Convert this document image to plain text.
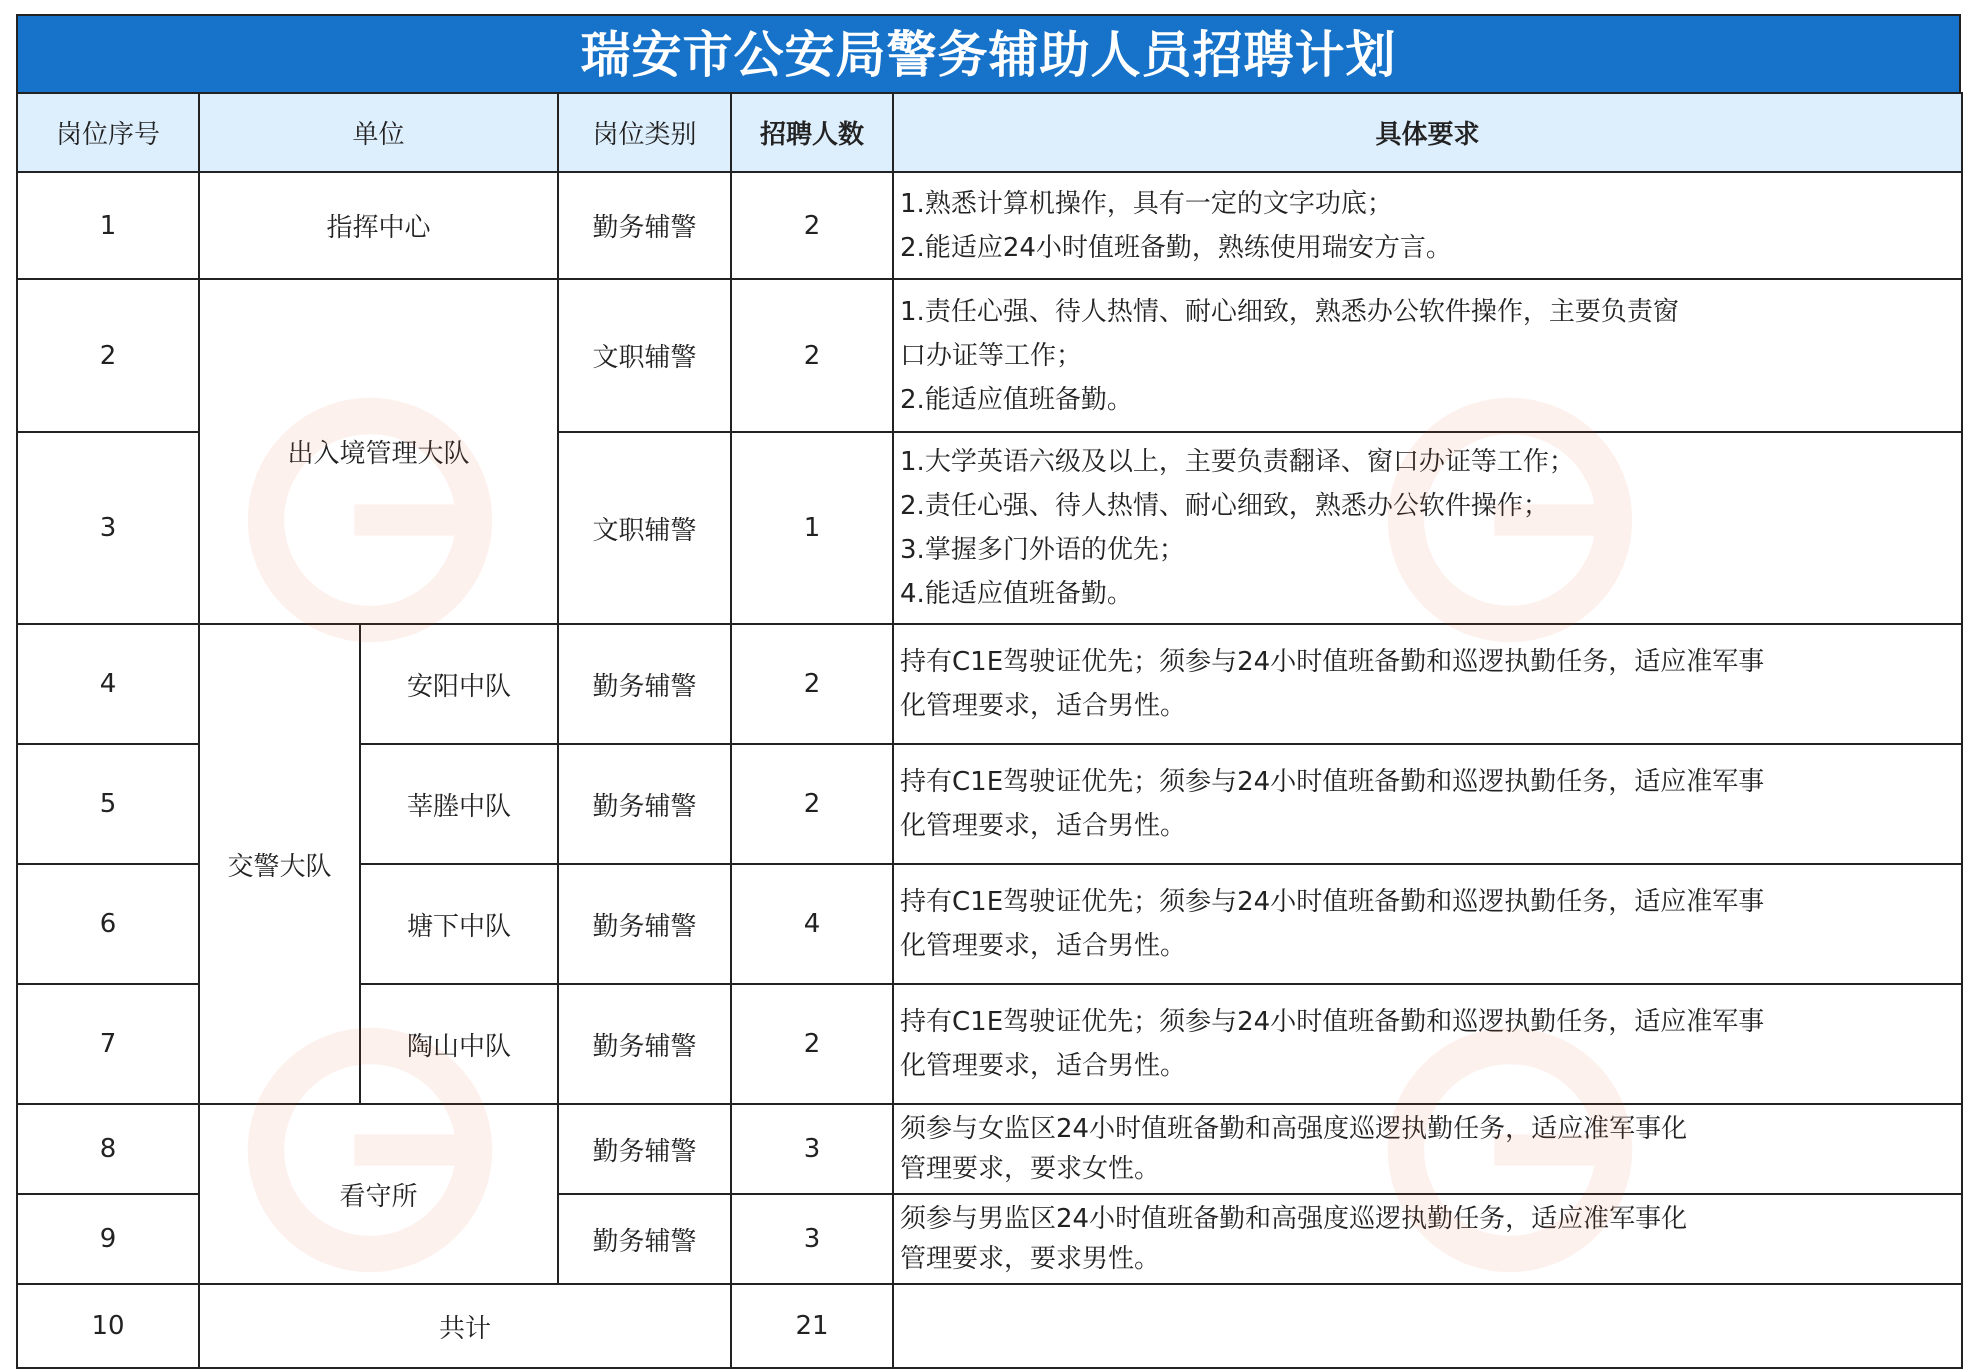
瑞安市公安局警务辅助人员招聘计划
岗位序号	单位		岗位类别	招聘人数	具体要求
1	指挥中心		勤务辅警	2	1.熟悉计算机操作，具有一定的文字功底；
2.能适应24小时值班备勤，熟练使用瑞安方言。

2	出入境管理大队		文职辅警	2	1.责任心强、待人热情、耐心细致，熟悉办公软件操作，主要负责窗
口办证等工作；
2.能适应值班备勤。

3			文职辅警	1	1.大学英语六级及以上，主要负责翻译、窗口办证等工作；
2.责任心强、待人热情、耐心细致，熟悉办公软件操作；
3.掌握多门外语的优先；
4.能适应值班备勤。

4	交警大队	安阳中队	勤务辅警	2	持有C1E驾驶证优先；须参与24小时值班备勤和巡逻执勤任务，适应准军事
化管理要求，适合男性。

5		莘塍中队	勤务辅警	2	持有C1E驾驶证优先；须参与24小时值班备勤和巡逻执勤任务，适应准军事
化管理要求，适合男性。

6		塘下中队	勤务辅警	4	持有C1E驾驶证优先；须参与24小时值班备勤和巡逻执勤任务，适应准军事
化管理要求，适合男性。

7		陶山中队	勤务辅警	2	持有C1E驾驶证优先；须参与24小时值班备勤和巡逻执勤任务，适应准军事
化管理要求，适合男性。

8	看守所		勤务辅警	3	须参与女监区24小时值班备勤和高强度巡逻执勤任务，适应准军事化
管理要求，要求女性。

9			勤务辅警	3	须参与男监区24小时值班备勤和高强度巡逻执勤任务，适应准军事化
管理要求，要求男性。

10	共计			21	
